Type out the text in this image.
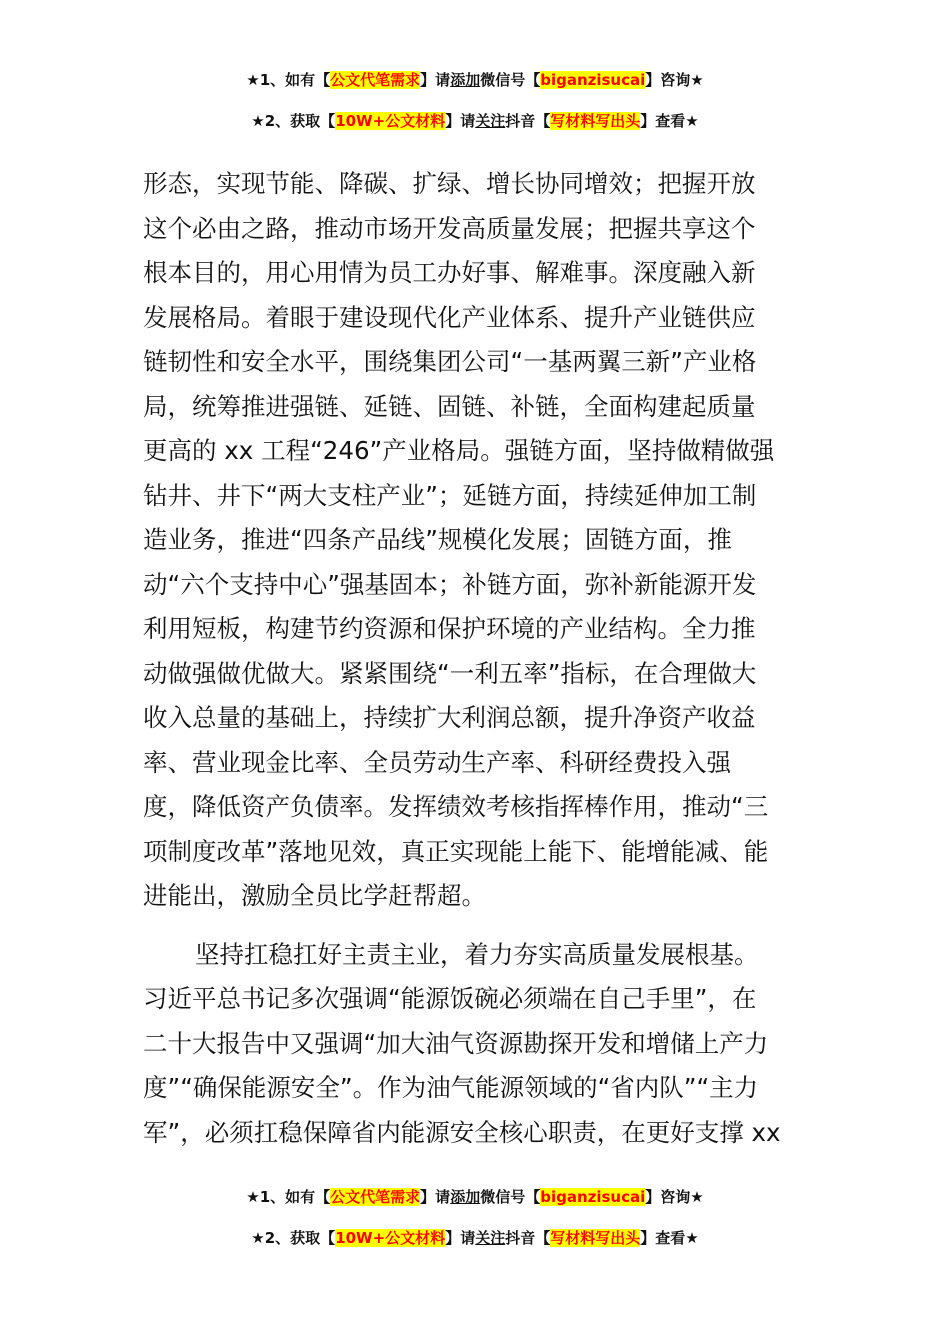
★1、如有【公文代笔需求】请添加微信号【biganzisucai】咨询★
★2、获取【10W+公文材料】请关注抖音【写材料写出头】查看★
形态，实现节能、降碳、扩绿、增长协同增效；把握开放
这个必由之路，推动市场开发高质量发展；把握共享这个
根本目的，用心用情为员工办好事、解难事。深度融入新
发展格局。着眼于建设现代化产业体系、提升产业链供应
链韧性和安全水平，围绕集团公司“一基两翼三新”产业格
局，统筹推进强链、延链、固链、补链，全面构建起质量
更高的 xx 工程“246”产业格局。强链方面，坚持做精做强
钻井、井下“两大支柱产业”；延链方面，持续延伸加工制
造业务，推进“四条产品线”规模化发展；固链方面，推
动“六个支持中心”强基固本；补链方面，弥补新能源开发
利用短板，构建节约资源和保护环境的产业结构。全力推
动做强做优做大。紧紧围绕“一利五率”指标，在合理做大
收入总量的基础上，持续扩大利润总额，提升净资产收益
率、营业现金比率、全员劳动生产率、科研经费投入强
度，降低资产负债率。发挥绩效考核指挥棒作用，推动“三
项制度改革”落地见效，真正实现能上能下、能增能减、能
进能出，激励全员比学赶帮超。
坚持扛稳扛好主责主业，着力夯实高质量发展根基。
习近平总书记多次强调“能源饭碗必须端在自己手里”，在
二十大报告中又强调“加大油气资源勘探开发和增储上产力
度”“确保能源安全”。作为油气能源领域的“省内队”“主力
军”，必须扛稳保障省内能源安全核心职责，在更好支撑 xx
★1、如有【公文代笔需求】请添加微信号【biganzisucai】咨询★
★2、获取【10W+公文材料】请关注抖音【写材料写出头】查看★
